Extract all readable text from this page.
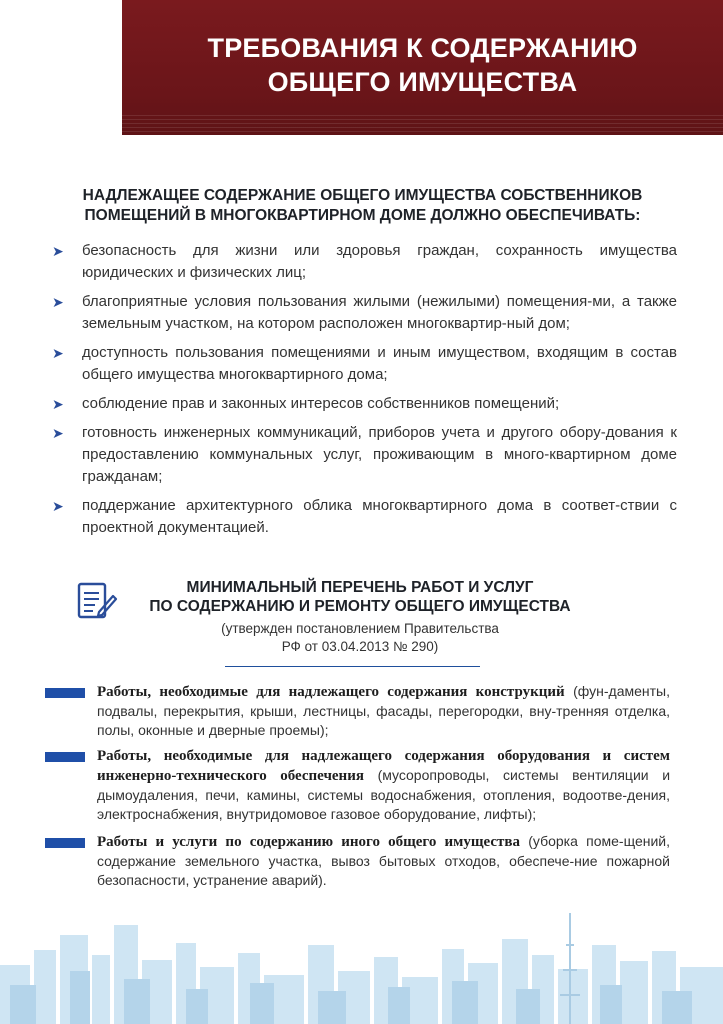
ТРЕБОВАНИЯ К СОДЕРЖАНИЮ
ОБЩЕГО ИМУЩЕСТВА
НАДЛЕЖАЩЕЕ СОДЕРЖАНИЕ ОБЩЕГО ИМУЩЕСТВА СОБСТВЕННИКОВ
ПОМЕЩЕНИЙ В МНОГОКВАРТИРНОМ ДОМЕ ДОЛЖНО ОБЕСПЕЧИВАТЬ:
➤ безопасность для жизни или здоровья граждан, сохранность имущества юридических и физических лиц;
➤ благоприятные условия пользования жилыми (нежилыми) помещения-ми, а также земельным участком, на котором расположен многоквартир-ный дом;
➤ доступность пользования помещениями и иным имуществом, входящим в состав общего имущества многоквартирного дома;
➤ соблюдение прав и законных интересов собственников помещений;
➤ готовность инженерных коммуникаций, приборов учета и другого обору-дования к предоставлению коммунальных услуг, проживающим в много-квартирном доме гражданам;
➤ поддержание архитектурного облика многоквартирного дома в соответ-ствии с проектной документацией.
МИНИМАЛЬНЫЙ ПЕРЕЧЕНЬ РАБОТ И УСЛУГ
ПО СОДЕРЖАНИЮ И РЕМОНТУ ОБЩЕГО ИМУЩЕСТВА
(утвержден постановлением Правительства
РФ от 03.04.2013 № 290)
Работы, необходимые для надлежащего содержания конструкций (фун-даменты, подвалы, перекрытия, крыши, лестницы, фасады, перегородки, вну-тренняя отделка, полы, оконные и дверные проемы);
Работы, необходимые для надлежащего содержания оборудования и систем инженерно-технического обеспечения (мусоропроводы, системы вентиляции и дымоудаления, печи, камины, системы водоснабжения, отопления, водоотве-дения, электроснабжения, внутридомовое газовое оборудование, лифты);
Работы и услуги по содержанию иного общего имущества (уборка поме-щений, содержание земельного участка, вывоз бытовых отходов, обеспече-ние пожарной безопасности, устранение аварий).
